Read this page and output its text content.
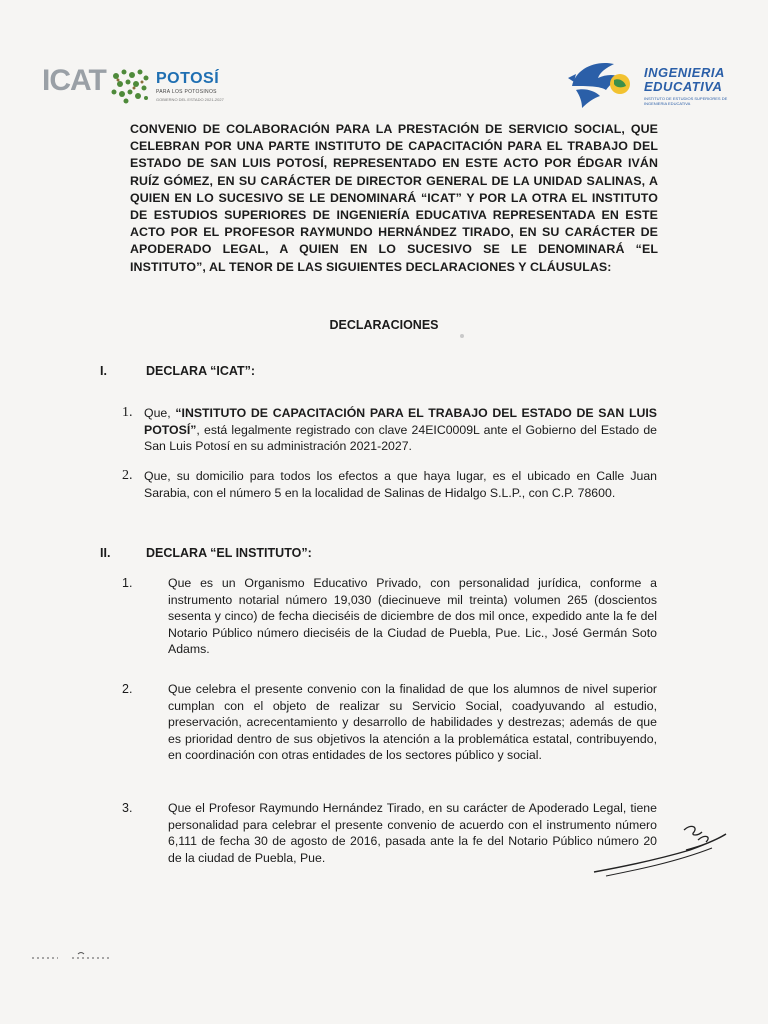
ICAT	POTOSÍ
PARA LOS POTOSINOS
GOBIERNO DEL ESTADO 2021-2027
INGENIERIA
EDUCATIVA
INSTITUTO DE ESTUDIOS SUPERIORES DE INGENIERIA EDUCATIVA

CONVENIO DE COLABORACIÓN PARA LA PRESTACIÓN DE SERVICIO SOCIAL, QUE CELEBRAN POR UNA PARTE INSTITUTO DE CAPACITACIÓN PARA EL TRABAJO DEL ESTADO DE SAN LUIS POTOSÍ, REPRESENTADO EN ESTE ACTO POR ÉDGAR IVÁN RUÍZ GÓMEZ, EN SU CARÁCTER DE DIRECTOR GENERAL DE LA UNIDAD SALINAS, A QUIEN EN LO SUCESIVO SE LE DENOMINARÁ “ICAT” Y POR LA OTRA EL INSTITUTO DE ESTUDIOS SUPERIORES DE INGENIERÍA EDUCATIVA REPRESENTADA EN ESTE ACTO POR EL PROFESOR RAYMUNDO HERNÁNDEZ TIRADO, EN SU CARÁCTER DE APODERADO LEGAL, A QUIEN EN LO SUCESIVO SE LE DENOMINARÁ “EL INSTITUTO”, AL TENOR DE LAS SIGUIENTES DECLARACIONES Y CLÁUSULAS:

DECLARACIONES

I.	DECLARA “ICAT”:

1. Que, “INSTITUTO DE CAPACITACIÓN PARA EL TRABAJO DEL ESTADO DE SAN LUIS POTOSÍ”, está legalmente registrado con clave 24EIC0009L ante el Gobierno del Estado de San Luis Potosí en su administración 2021-2027.

2. Que, su domicilio para todos los efectos a que haya lugar, es el ubicado en Calle Juan Sarabia, con el número 5 en la localidad de Salinas de Hidalgo S.L.P., con C.P. 78600.

II.	DECLARA “EL INSTITUTO”:

1.	Que es un Organismo Educativo Privado, con personalidad jurídica, conforme a instrumento notarial número 19,030 (diecinueve mil treinta) volumen 265 (doscientos sesenta y cinco) de fecha dieciséis de diciembre de dos mil once, expedido ante la fe del Notario Público número dieciséis de la Ciudad de Puebla, Pue. Lic., José Germán Soto Adams.

2.	Que celebra el presente convenio con la finalidad de que los alumnos de nivel superior cumplan con el objeto de realizar su Servicio Social, coadyuvando al estudio, preservación, acrecentamiento y desarrollo de habilidades y destrezas; además de que es prioridad dentro de sus objetivos la atención a la problemática estatal, contribuyendo, en coordinación con otras entidades de los sectores público y social.

3.	Que el Profesor Raymundo Hernández Tirado, en su carácter de Apoderado Legal, tiene personalidad para celebrar el presente convenio de acuerdo con el instrumento número 6,111 de fecha 30 de agosto de 2016, pasada ante la fe del Notario Público número 20 de la ciudad de Puebla, Pue.
